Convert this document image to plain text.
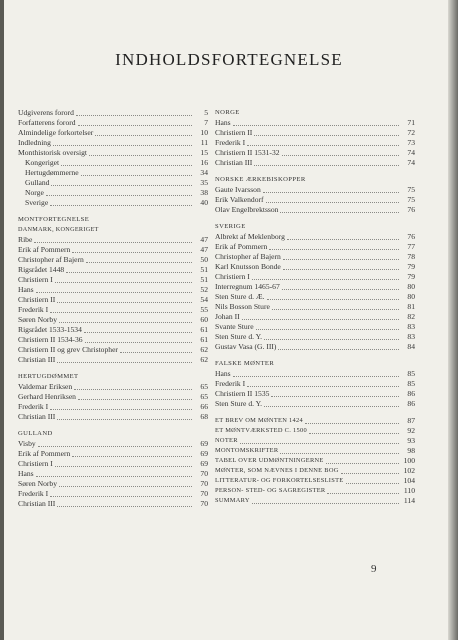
INDHOLDSFORTEGNELSE
Udgiverens forord	5
Forfatterens forord	7
Almindelige forkortelser	10
Indledning	11
Monthistorisk oversigt	15
Kongeriget	16
Hertugdømmerne	34
Gulland	35
Norge	38
Sverige	40
MONTFORTEGNELSE
DANMARK, KONGERIGET
Ribe	47
Erik af Pommern	47
Christopher af Bajern	50
Rigsrådet 1448	51
Christiern I	51
Hans	52
Christiern II	54
Frederik I	55
Søren Norby	60
Rigsrådet 1533-1534	61
Christiern II 1534-36	61
Christiern II og grev Christopher	62
Christian III	62
HERTUGDØMMET
Valdemar Eriksen	65
Gerhard Henriksen	65
Frederik I	66
Christian III	68
GULLAND
Visby	69
Erik af Pommern	69
Christiern I	69
Hans	70
Søren Norby	70
Frederik I	70
Christian III	70
NORGE
Hans	71
Christiern II	72
Frederik I	73
Christiern II 1531-32	74
Christian III	74
NORSKE ÆRKEBISKOPPER
Gaute Ivarsson	75
Erik Valkendorf	75
Olav Engelbrektsson	76
SVERIGE
Albrekt af Meklenborg	76
Erik af Pommern	77
Christopher af Bajern	78
Karl Knutsson Bonde	79
Christiern I	79
Interregnum 1465-67	80
Sten Sture d. Æ.	80
Nils Bosson Sture	81
Johan II	82
Svante Sture	83
Sten Sture d. Y.	83
Gustav Vasa (G. III)	84
FALSKE MØNTER
Hans	85
Frederik I	85
Christiern II 1535	86
Sten Sture d. Y.	86
ET BREV OM MØNTEN 1424	87
ET MØNTVÆRKSTED C. 1500	92
NOTER	93
MONTOMSKRIFTER	98
TABEL OVER UDMØNTNINGERNE	100
MØNTER, SOM NÆVNES I DENNE BOG	102
LITTERATUR- OG FORKORTELSESLISTE	104
PERSON- STED- OG SAGREGISTER	110
SUMMARY	114
9
